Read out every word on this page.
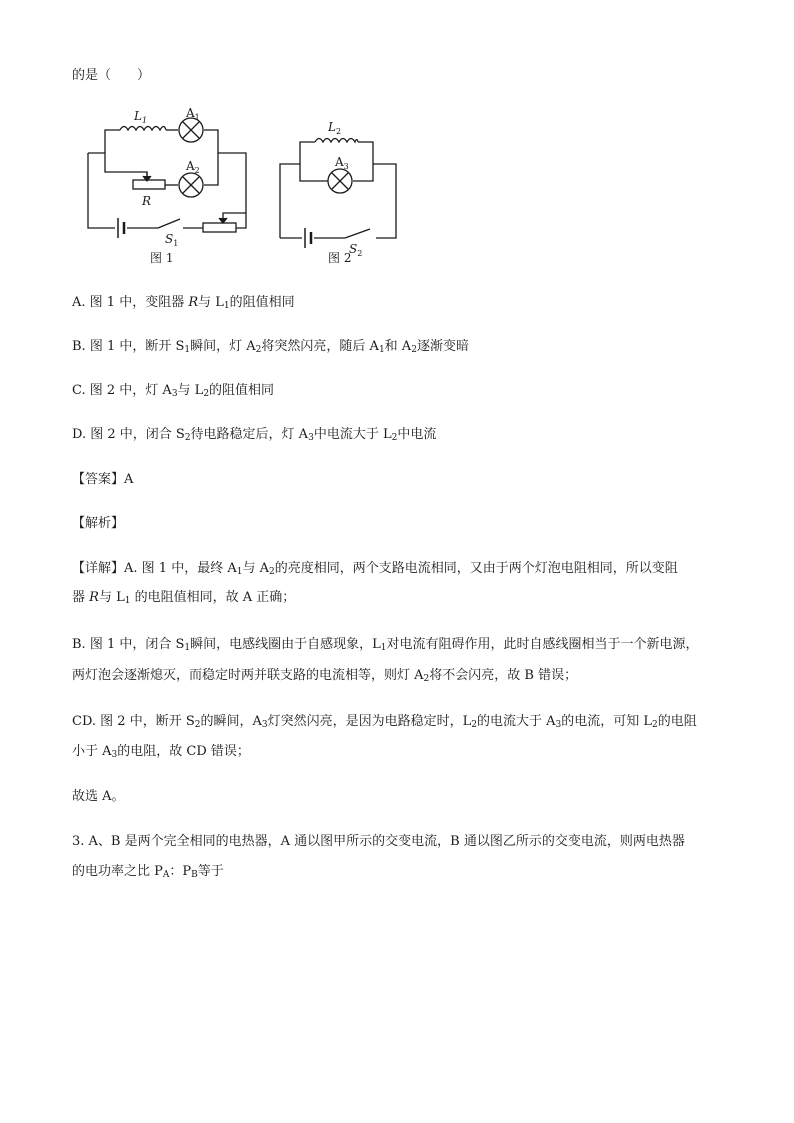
的是（　　）
$L_1$
$A_1$
$A_2$
R
$S_1$
图 1
$L_2$
$A_3$
$S_2$
图 2
A. 图 1 中，变阻器 R与 $L_1$的阻值相同
B. 图 1 中，断开 $S_1$瞬间，灯 $A_2$将突然闪亮，随后 $A_1$和 $A_2$逐渐变暗
C. 图 2 中，灯 $A_3$与 $L_2$的阻值相同
D. 图 2 中，闭合 $S_2$待电路稳定后，灯 $A_3$中电流大于 $L_2$中电流
【答案】A
【解析】
【详解】A. 图 1 中，最终 $A_1$与 $A_2$的亮度相同，两个支路电流相同，又由于两个灯泡电阻相同，所以变阻
器 R与 $L_1$ 的电阻值相同，故 A 正确；
B. 图 1 中，闭合 $S_1$瞬间，电感线圈由于自感现象，$L_1$对电流有阻碍作用，此时自感线圈相当于一个新电源，
两灯泡会逐渐熄灭，而稳定时两并联支路的电流相等，则灯 $A_2$将不会闪亮，故 B 错误；
CD. 图 2 中，断开 $S_2$的瞬间，$A_3$灯突然闪亮，是因为电路稳定时，$L_2$的电流大于 $A_3$的电流，可知 $L_2$的电阻
小于 $A_3$的电阻，故 CD 错误；
故选 A。
3. A、B 是两个完全相同的电热器，A 通以图甲所示的交变电流，B 通以图乙所示的交变电流，则两电热器
的电功率之比 $P_A$：$P_B$等于
